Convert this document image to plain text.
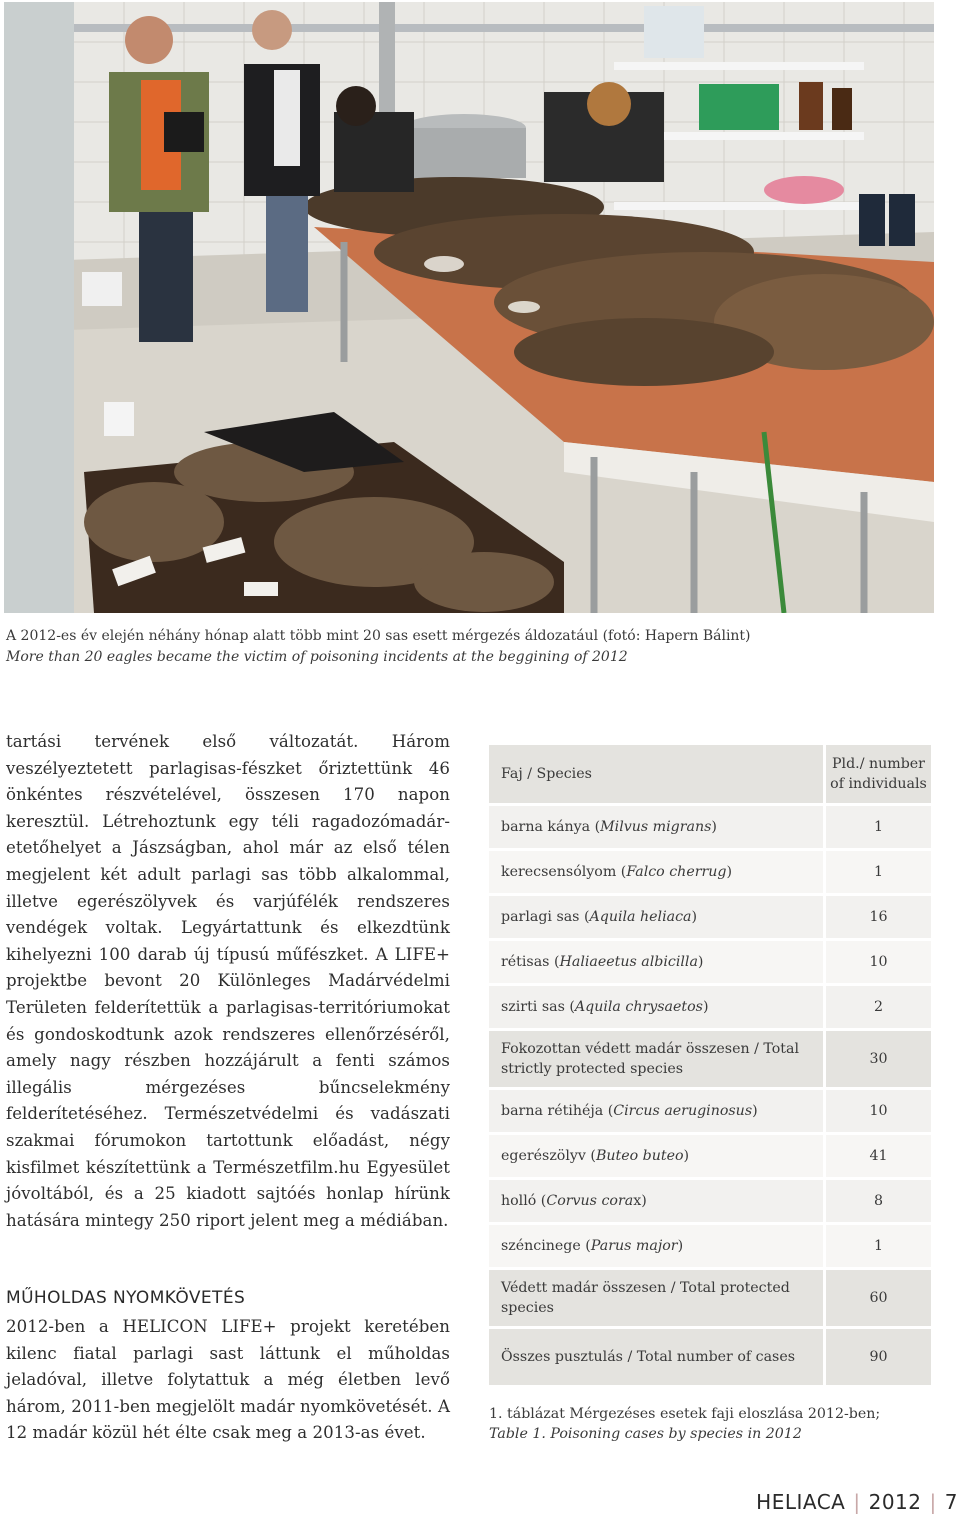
A 2012-es év elején néhány hónap alatt több mint 20 sas esett mérgezés áldozatául (fotó: Hapern Bálint)
More than 20 eagles became the victim of poisoning incidents at the beggining of 2012

tartási tervének első változatát. Három veszélyeztetett parlagisas-fészket őriztettünk 46 önkéntes részvételével, összesen 170 napon keresztül. Létrehoztunk egy téli ragadozómadár-etetőhelyet a Jászságban, ahol már az első télen megjelent két adult parlagi sas több alkalommal, illetve egerészölyvek és varjúfélék rendszeres vendégek voltak. Legyártattunk és elkezdtünk kihelyezni 100 darab új típusú műfészket. A LIFE+ projektbe bevont 20 Különleges Madárvédelmi Területen felderítettük a parlagisas-territóriumokat és gondoskodtunk azok rendszeres ellenőrzéséről, amely nagy részben hozzájárult a fenti számos illegális mérgezéses bűncselekmény felderítetéséhez. Természetvédelmi és vadászati szakmai fórumokon tartottunk előadást, négy kisfilmet készítettünk a Természetfilm.hu Egyesület jóvoltából, és a 25 kiadott sajtóés honlap hírünk hatására mintegy 250 riport jelent meg a médiában.

MŰHOLDAS NYOMKÖVETÉS

2012-ben a HELICON LIFE+ projekt keretében kilenc fiatal parlagi sast láttunk el műholdas jeladóval, illetve folytattuk a még életben levő három, 2011-ben megjelölt madár nyomkövetését. A 12 madár közül hét élte csak meg a 2013-as évet.

Faj / Species	Pld./ number of individuals
barna kánya (Milvus migrans)	1
kerecsensólyom (Falco cherrug)	1
parlagi sas (Aquila heliaca)	16
rétisas (Haliaeetus albicilla)	10
szirti sas (Aquila chrysaetos)	2
Fokozottan védett madár összesen / Total strictly protected species	30
barna rétihéja (Circus aeruginosus)	10
egerészölyv (Buteo buteo)	41
holló (Corvus corax)	8
széncinege (Parus major)	1
Védett madár összesen / Total protected species	60
Összes pusztulás / Total number of cases	90
1. táblázat Mérgezéses esetek faji eloszlása 2012-ben;
Table 1. Poisoning cases by species in 2012
HELIACA | 2012 | 7
